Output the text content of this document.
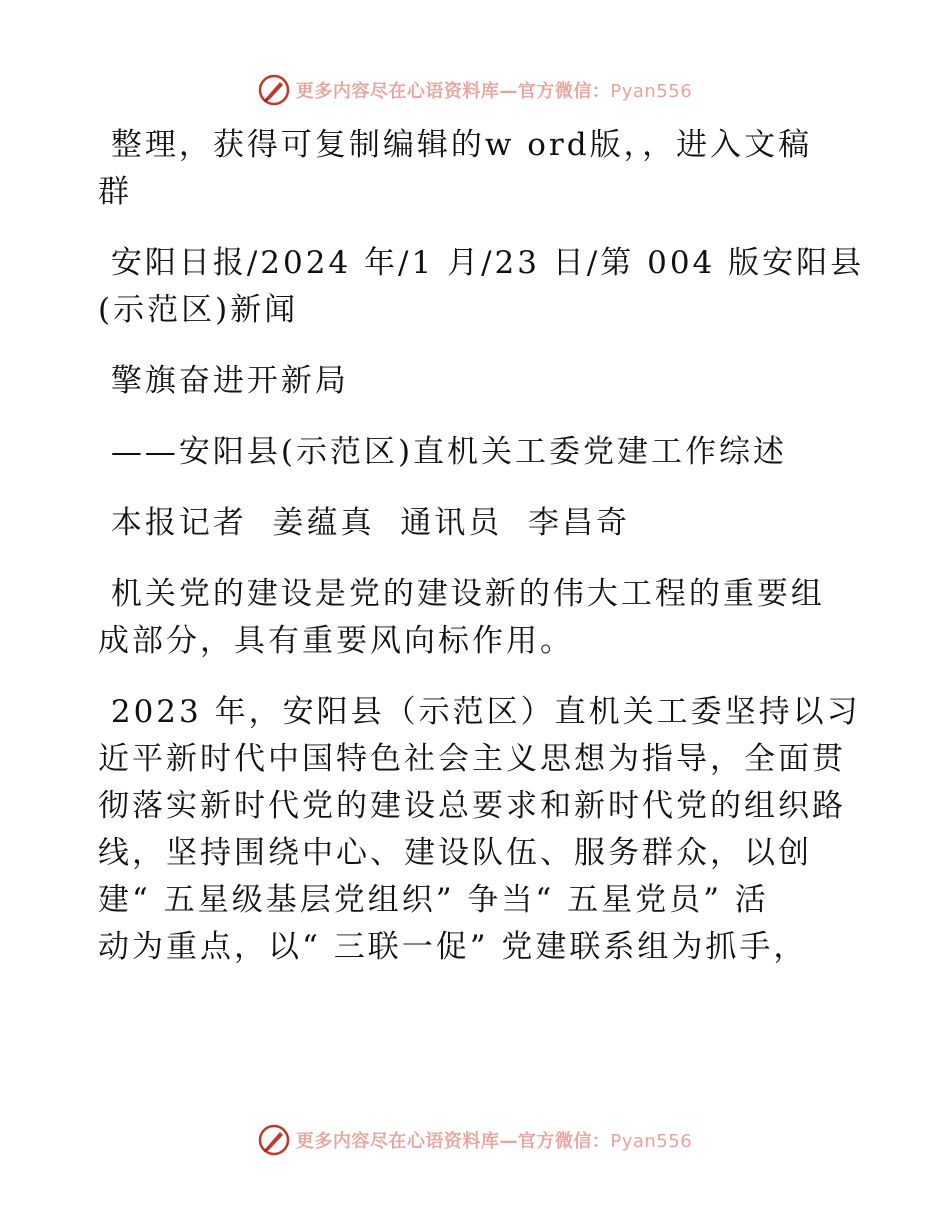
更多内容尽在心语资料库—官方微信：Pyan556
整理，获得可复制编辑的w ord版，，进入文稿
群
安阳日报/2024 年/1 月/23 日/第 004 版安阳县
(示范区)新闻
擎旗奋进开新局
——安阳县(示范区)直机关工委党建工作综述
本报记者  姜蕴真  通讯员  李昌奇
机关党的建设是党的建设新的伟大工程的重要组
成部分，具有重要风向标作用。
2023 年，安阳县（示范区）直机关工委坚持以习
近平新时代中国特色社会主义思想为指导，全面贯
彻落实新时代党的建设总要求和新时代党的组织路
线，坚持围绕中心、建设队伍、服务群众，以创
建“ 五星级基层党组织” 争当“ 五星党员” 活
动为重点，以“ 三联一促” 党建联系组为抓手，
更多内容尽在心语资料库—官方微信：Pyan556
